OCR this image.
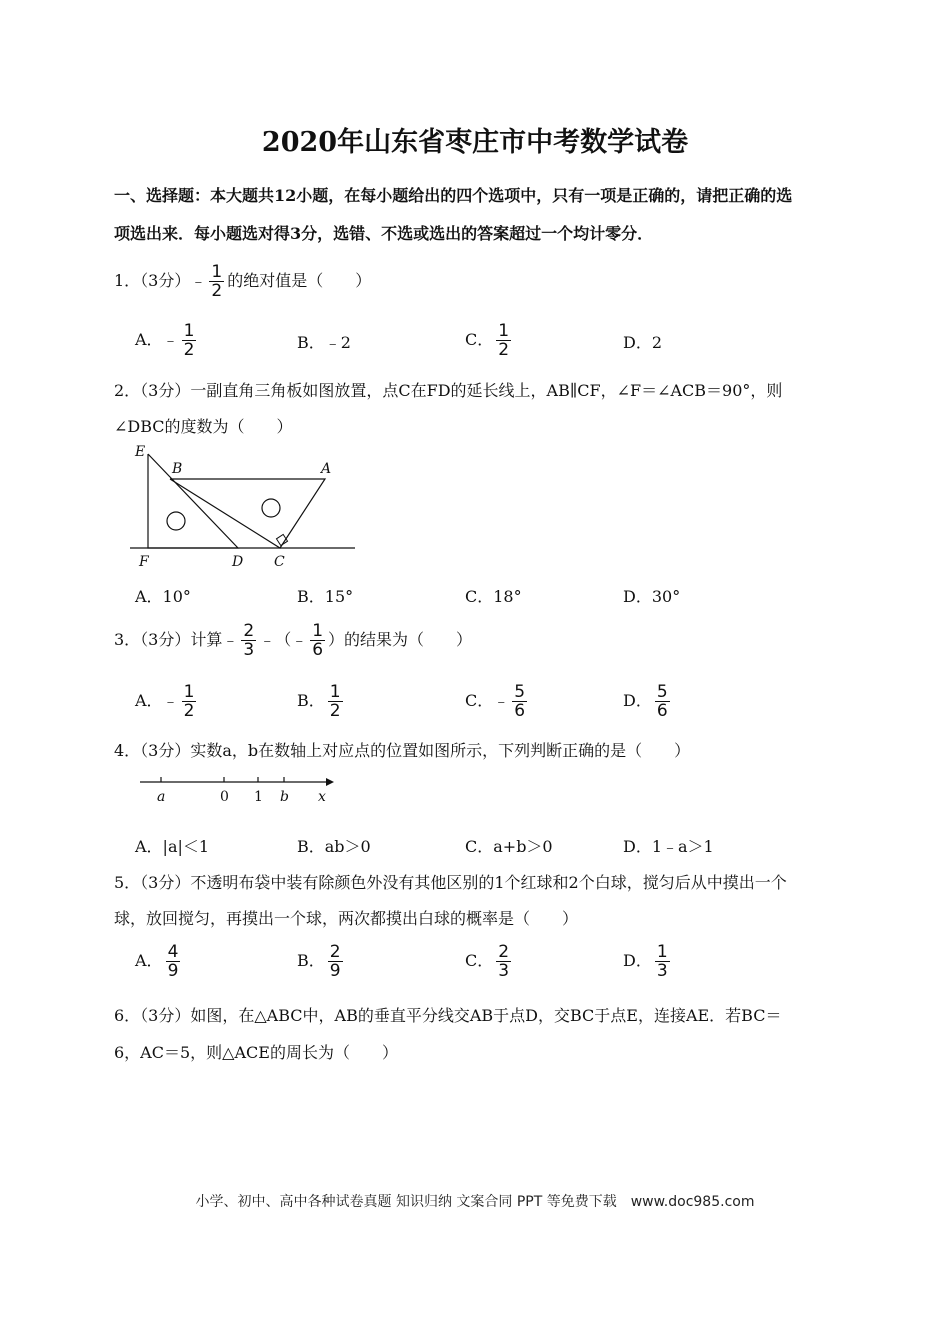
2020年山东省枣庄市中考数学试卷
一、选择题：本大题共12小题，在每小题给出的四个选项中，只有一项是正确的，请把正确的选
项选出来．每小题选对得3分，选错、不选或选出的答案超过一个均计零分．
1．（3分）﹣ $\frac{1}{2}$ 的绝对值是（　　）
A．﹣ $\frac{1}{2}$	B．﹣2	C． $\frac{1}{2}$	D．2
2．（3分）一副直角三角板如图放置，点C在FD的延长线上，AB∥CF，∠F＝∠ACB＝90°，则
∠DBC的度数为（　　）
E
B	A
F	D C
A．10°	B．15°	C．18°	D．30°
3．（3分）计算﹣ $\frac{2}{3}$ ﹣（﹣ $\frac{1}{6}$ ）的结果为（　　）
A．﹣ $\frac{1}{2}$	B． $\frac{1}{2}$	C．﹣ $\frac{5}{6}$	D． $\frac{5}{6}$
4．（3分）实数a，b在数轴上对应点的位置如图所示，下列判断正确的是（　　）
a	0 1 b x
A．|a|＜1	B．ab＞0	C．a+b＞0	D．1﹣a＞1
5．（3分）不透明布袋中装有除颜色外没有其他区别的1个红球和2个白球，搅匀后从中摸出一个
球，放回搅匀，再摸出一个球，两次都摸出白球的概率是（　　）
A． $\frac{4}{9}$	B． $\frac{2}{9}$	C． $\frac{2}{3}$	D． $\frac{1}{3}$
6．（3分）如图，在△ABC中，AB的垂直平分线交AB于点D，交BC于点E，连接AE．若BC＝
6，AC＝5，则△ACE的周长为（　　）
小学、初中、高中各种试卷真题 知识归纳 文案合同 PPT 等免费下载　www.doc985.com
